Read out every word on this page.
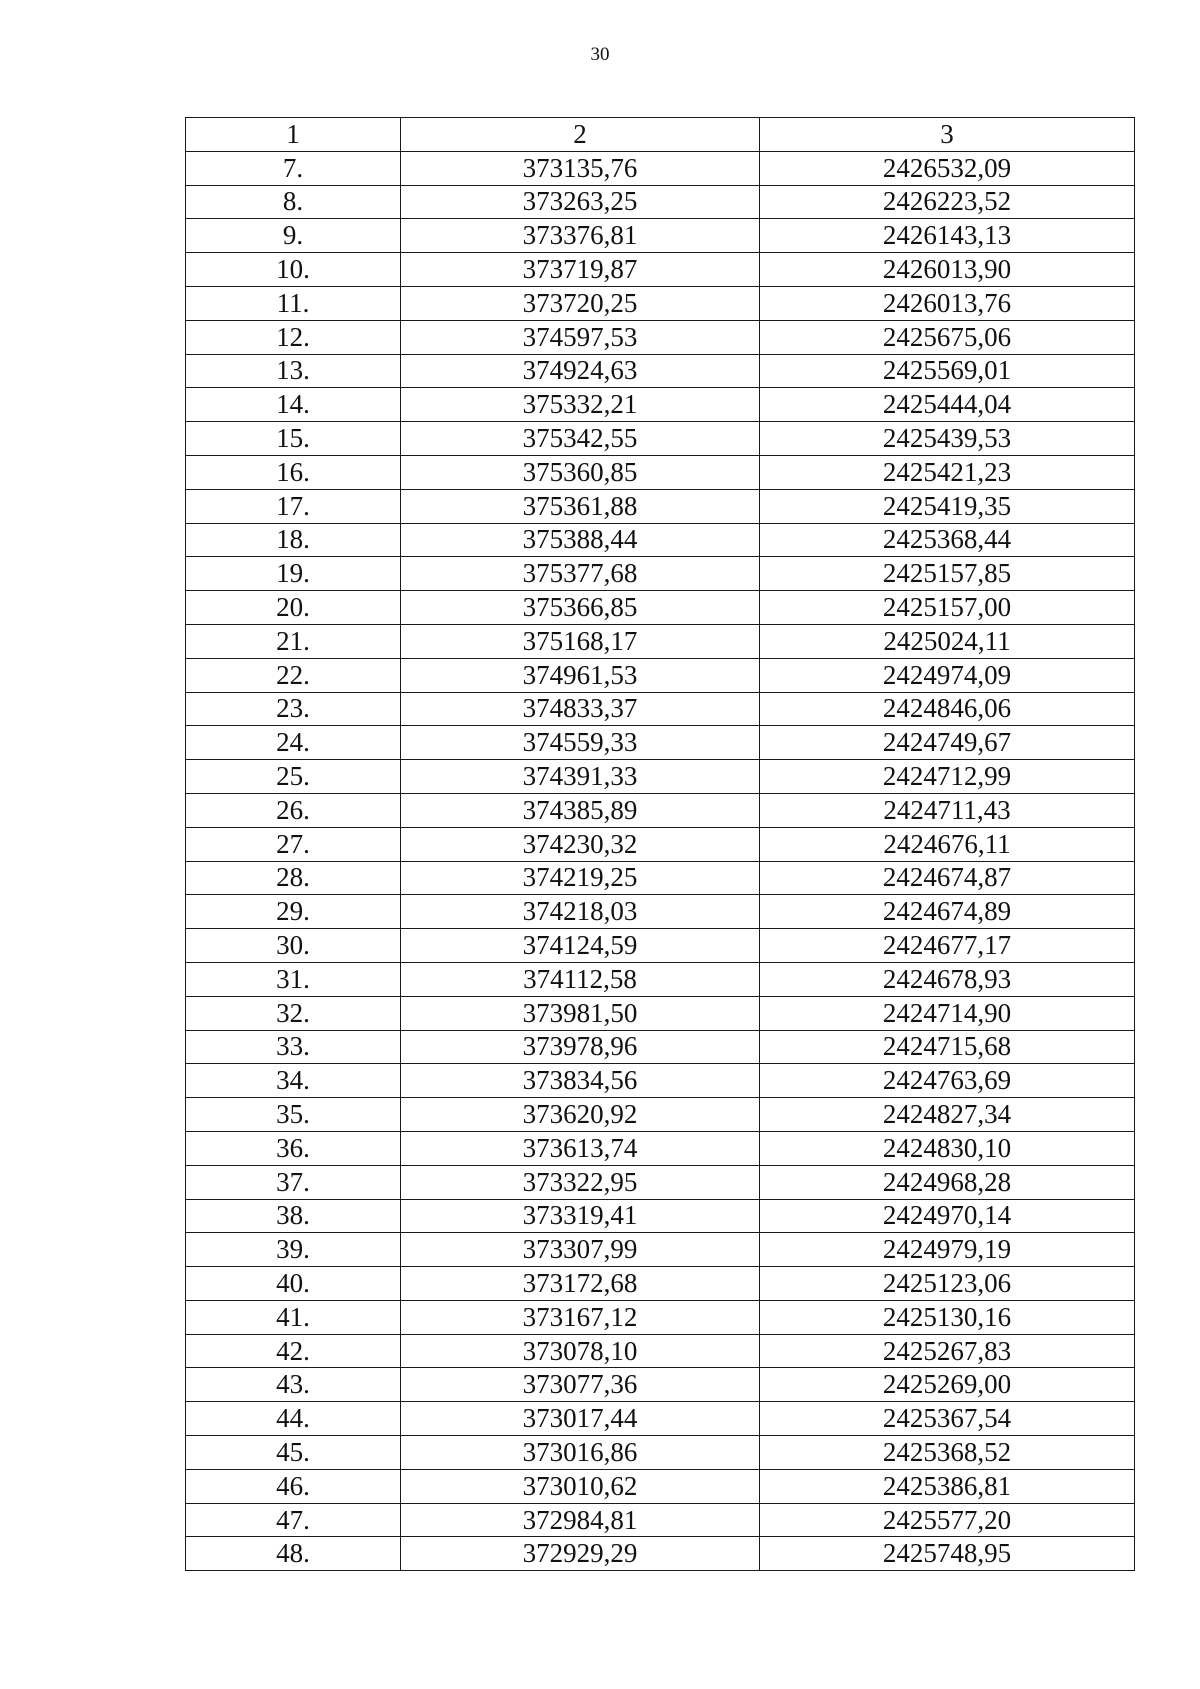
30
1	2	3
7.	373135,76	2426532,09
8.	373263,25	2426223,52
9.	373376,81	2426143,13
10.	373719,87	2426013,90
11.	373720,25	2426013,76
12.	374597,53	2425675,06
13.	374924,63	2425569,01
14.	375332,21	2425444,04
15.	375342,55	2425439,53
16.	375360,85	2425421,23
17.	375361,88	2425419,35
18.	375388,44	2425368,44
19.	375377,68	2425157,85
20.	375366,85	2425157,00
21.	375168,17	2425024,11
22.	374961,53	2424974,09
23.	374833,37	2424846,06
24.	374559,33	2424749,67
25.	374391,33	2424712,99
26.	374385,89	2424711,43
27.	374230,32	2424676,11
28.	374219,25	2424674,87
29.	374218,03	2424674,89
30.	374124,59	2424677,17
31.	374112,58	2424678,93
32.	373981,50	2424714,90
33.	373978,96	2424715,68
34.	373834,56	2424763,69
35.	373620,92	2424827,34
36.	373613,74	2424830,10
37.	373322,95	2424968,28
38.	373319,41	2424970,14
39.	373307,99	2424979,19
40.	373172,68	2425123,06
41.	373167,12	2425130,16
42.	373078,10	2425267,83
43.	373077,36	2425269,00
44.	373017,44	2425367,54
45.	373016,86	2425368,52
46.	373010,62	2425386,81
47.	372984,81	2425577,20
48.	372929,29	2425748,95
